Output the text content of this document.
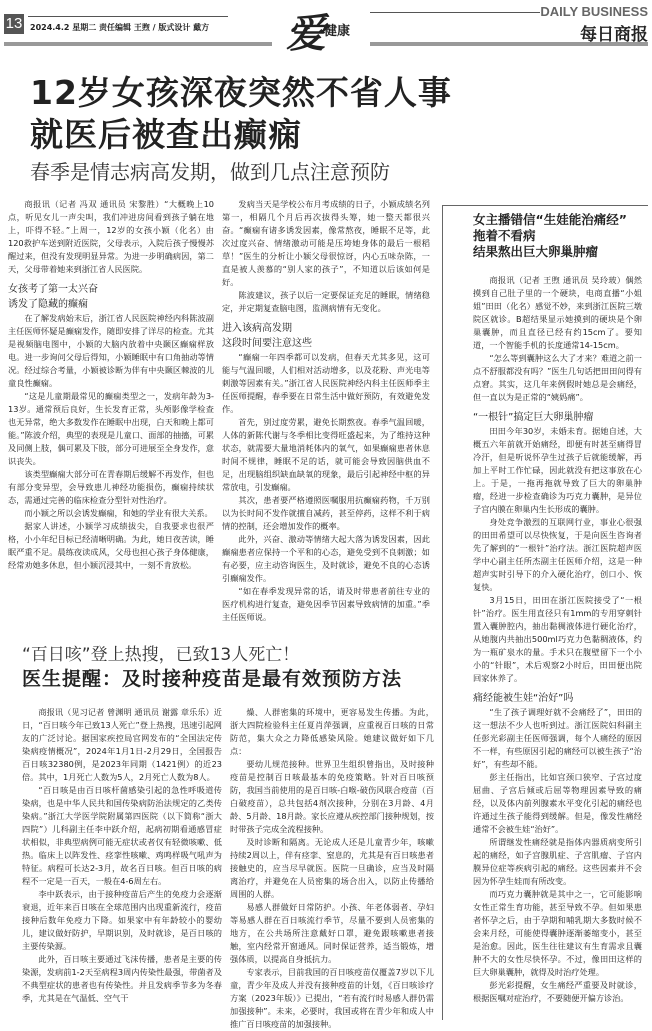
13 2024.4.2 星期二 责任编辑 王煦 / 版式设计 戴方 爱
健康
DAILY BUSINESS
每日商报
12岁女孩深夜突然不省人事
就医后被查出癫痫
春季是情志病高发期，做到几点注意预防

商报讯（记者 冯双 通讯员 宋黎胜）“大概晚上10点，听见女儿一声尖叫，我们冲进房间看到孩子躺在地上，吓得不轻。”上周一，12岁的女孩小颖（化名）由120救护车送到附近医院，父母表示，入院后孩子慢慢苏醒过来，但没有发现明显异常。为进一步明确病因，第二天，父母带着她来到浙江省人民医院。

女孩考了第一太兴奋
诱发了隐藏的癫痫

在了解发病始末后，浙江省人民医院神经内科陈波副主任医师怀疑是癫痫发作，随即安排了详尽的检查。尤其是视频脑电图中，小颖的大脑内放着中央颞区癫痫样放电。进一步询问父母后得知，小颖睡眠中有口角抽动等情况。经过综合考量，小颖被诊断为伴有中央颞区棘波的儿童良性癫痫。

“这是儿童期最常见的癫痫类型之一，发病年龄为3-13岁。通常预后良好，生长发育正常，头颅影像学检查也无异常，绝大多数发作在睡眠中出现，白天和晚上都可能。”陈波介绍，典型的表现是儿童口、面部的抽搐，可累及同侧上肢，偶可累及下肢，部分可进展至全身发作，意识丧失。

该类型癫痫大部分可在青春期后缓解不再发作，但也有部分变异型，会导致患儿神经功能损伤，癫痫持续状态，需通过完善的临床检查分型针对性治疗。

而小颖之所以会诱发癫痫，和她的学业有很大关系。

据家人讲述，小颖学习成绩拔尖，自我要求也很严格，小小年纪目标已经清晰明确。为此，她日夜苦读，睡眠严重不足。晨练夜读成风，父母也担心孩子身体健康，经常劝她多休息，但小颖沉浸其中，一刻不肯放松。

发病当天是学校公布月考成绩的日子，小颖成绩名列第一，相隔几个月后再次拔得头筹，她一整天都很兴奋。“癫痫有诸多诱发因素，像常熬夜，睡眠不足等，此次过度兴奋、情绪激动可能是压垮她身体的最后一根稻草！”医生的分析让小颖父母很惊讶，内心五味杂陈，一直是被人羡慕的“别人家的孩子”，不知道以后该如何是好。

陈波建议，孩子以后一定要保证充足的睡眠，情绪稳定，并定期复查脑电图，监测病情有无变化。

进入该病高发期
这段时间要注意这些

“癫痫一年四季都可以发病，但春天尤其多见，这可能与气温回暖，人们相对活动增多，以及花粉、声光电等刺激等因素有关。”浙江省人民医院神经内科主任医师季主任医师提醒，春季要在日常生活中做好预防，有效避免发作。

首先，别过度劳累，避免长期熬夜。春季气温回暖，人体的新陈代谢与冬季相比变得旺盛起来，为了维持这种状态，就需要大量地消耗体内的氧气，如果癫痫患者休息时间不规律，睡眠不足的话，就可能会导致因脑供血不足，出现脑组织缺血缺氧的现象，最后引起神经中枢的异常放电，引发癫痫。

其次，患者要严格遵照医嘱服用抗癫痫药物，千万别以为长时间不发作就擅自减药，甚至停药，这样不利于病情的控制，还会增加发作的概率。

此外，兴奋、激动等情绪大起大落为诱发因素，因此癫痫患者应保持一个平和的心态，避免受到不良刺激；如有必要，应主动咨询医生，及时就诊，避免不良的心态诱引癫痫发作。

“如在春季发现异常的话，请及时带患者前往专业的医疗机构进行复查，避免因季节因素导致病情的加重。”季主任医师说。

女主播错信“生娃能治痛经”
拖着不看病
结果熬出巨大卵巢肿瘤

商报讯（记者 王煦 通讯员 吴玲玻）偶然摸到自己肚子里的一个硬块，电商直播“小姐姐”田田（化名）感觉不妙，来到浙江医院三墩院区就诊。B超结果显示她摸到的硬块是个卵巢囊肿，而且直径已经有约15cm了。要知道，一个智能手机的长度通常14-15cm。

“怎么等到囊肿这么大了才来？难道之前一点不舒服都没有吗？”医生几句话把田田问得有点窘。其实，这几年来例假时她总是会痛经，但一直以为是正常的“姨妈痛”。

“一根针”搞定巨大卵巢肿瘤

田田今年30岁，未婚未育。据她自述，大概五六年前就开始痛经，即便有时甚至痛得冒冷汗，但是听说怀孕生过孩子后就能缓解，再加上平时工作忙碌，因此就没有把这事放在心上。于是，一拖再拖就导致了巨大的卵巢肿瘤，经进一步检查确诊为巧克力囊肿，是异位子宫内膜在卵巢内生长形成的囊肿。

身处竞争激烈的互联网行业，事业心很强的田田希望可以尽快恢复，于是向医生咨询者先了解到的“一根针”治疗法。浙江医院超声医学中心副主任所杰副主任医师介绍，这是一种超声实时引导下的介入硬化治疗，创口小、恢复快。

3月15日，田田在浙江医院接受了“一根针”治疗。医生用直径只有1mm的专用穿刺针置入囊肿腔内，抽出黏稠液体进行硬化治疗，从她腹内共抽出500ml巧克力色黏稠液体，约为一瓶矿泉水的量。手术只在腹壁留下一个小小的“针眼”，术后观察2小时后，田田便出院回家休养了。

痛经能被生娃“治好”吗

“生了孩子调理好就不会痛经了”，田田的这一想法不少人也听到过。浙江医院妇科副主任彭光彩副主任医师强调，每个人痛经的原因不一样，有些原因引起的痛经可以被生孩子“治好”，有些却不能。

彭主任指出，比如宫颈口狭窄、子宫过度屈曲、子宫后倾或后屈等物理因素导致的痛经，以及体内前列腺素水平变化引起的痛经也许通过生孩子能得到缓解。但是，像发性痛经通常不会被生娃“治好”。

所谓继发性痛经就是指体内器质病变所引起的痛经，如子宫腺肌症、子宫肌瘤、子宫内膜异位症等疾病引起的痛经。这些因素并不会因为怀孕生娃而有所改变。

而巧克力囊肿就是其中之一，它可能影响女性正常生育功能，甚至导致不孕。但如果患者怀孕之后，由于孕期和哺乳期大多数时候不会来月经，可能使得囊肿逐渐萎缩变小，甚至是治愈。因此，医生往往建议有生育需求且囊肿不大的女性尽快怀孕。不过，像田田这样的巨大卵巢囊肿，就得及时治疗处理。

彭光彩提醒，女生痛经严重要及时就诊，根据医嘱对症治疗，不要随便开偏方诊治。

“百日咳”登上热搜，已致13人死亡！
医生提醒：及时接种疫苗是最有效预防方法

商报讯（见习记者 曾渊明 通讯员 谢露 章乐乐）近日，“百日咳今年已致13人死亡”登上热搜，迅速引起网友的广泛讨论。据国家疾控局官网发布的“全国法定传染病疫情概况”，2024年1月1日-2月29日，全国报告百日咳32380例，是2023年同期（1421例）的近23倍。其中，1月死亡人数为5人，2月死亡人数为8人。

“百日咳是由百日咳杆菌感染引起的急性呼吸道传染病，也是中华人民共和国传染病防治法规定的乙类传染病。”浙江大学医学院附属第四医院（以下简称“浙大四院”）儿科副主任李中跃介绍，起病初期看通感冒症状相似，非典型病例可能无症状或者仅有轻微咳嗽、低热。临床上以阵发性、痉挛性咳嗽、鸡鸣样吸气吼声为特征。病程可长达2-3月，故名百日咳。但百日咳的病程不一定是一百天，一般在4-6周左右。

李中跃表示，由于接种疫苗后产生的免疫力会逐渐衰退，近年来百日咳在全球范围内出现重新流行，疫苗接种后数年免疫力下降。如果家中有年龄较小的婴幼儿，建议做好防护，早期识别，及时就诊，是百日咳的主要传染源。

此外，百日咳主要通过飞沫传播，患者是主要的传染源，发病前1-2天至病程3周内传染性最强，带菌者及不典型症状的患者也有传染性。并且发病季节多为冬春季，尤其是在气温低、空气干

燥、人群密集的环境中，更容易发生传播。为此，浙大四院检验科主任夏肖萍强调，应重视百日咳的日常防范，集大众之力降低感染风险。她建议做好如下几点：

要幼儿规范接种。世界卫生组织曾指出，及时接种疫苗是控制百日咳最基本的免疫策略。针对百日咳预防，我国当前使用的是百日咳-白喉-破伤风联合疫苗（百白破疫苗），总共包括4剂次接种，分别在3月龄、4月龄、5月龄、18月龄。家长应遵从疾控部门接种规划，按时带孩子完成全流程接种。

及时诊断和隔离。无论成人还是儿童青少年，咳嗽持续2周以上，伴有痉挛、窒息的，尤其是有百日咳患者接触史的，应当尽早就医。医院一旦确诊，应当及时隔离治疗，并避免在人员密集的场合出入，以防止传播给周围的人群。

易感人群做好日常防护。小孩、年老体弱者、孕妇等易感人群在百日咳流行季节，尽量不要到人员密集的地方，在公共场所注意戴好口罩，避免跟咳嗽患者接触，室内经常开窗通风。同时保证营养，适当锻炼，增强体质，以提高自身抵抗力。

专家表示，目前我国的百日咳疫苗仅覆盖7岁以下儿童，青少年及成人并没有接种疫苗的计划，《百日咳诊疗方案（2023年版）》已提出，“若有流行时易感人群仍需加强接种”。未来，必要时，我国或将在青少年和成人中推广百日咳疫苗的加强接种。
